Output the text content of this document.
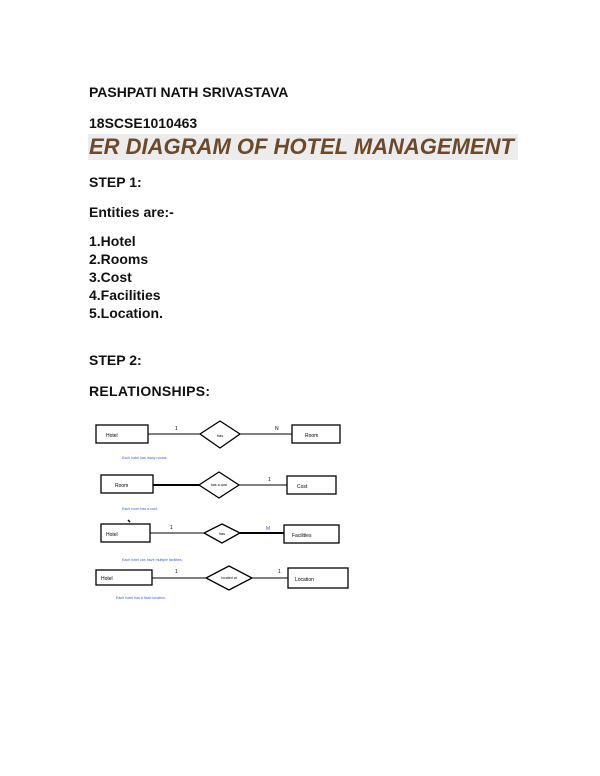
PASHPATI NATH SRIVASTAVA
18SCSE1010463
ER DIAGRAM OF HOTEL MANAGEMENT
STEP 1:
Entities are:-
1.Hotel
2.Rooms
3.Cost
4.Facilities
5.Location.
STEP 2:
RELATIONSHIPS:
Hotel	has	Room
1	N
Each hotel has many rooms.
Room	has a cost	Cost
1
Each room has a cost.
Hotel	has	Facilities
1	M
Each hotel can have multiple facilities.
Hotel	located at	Location
1	1
Each hotel has a fixed location.
